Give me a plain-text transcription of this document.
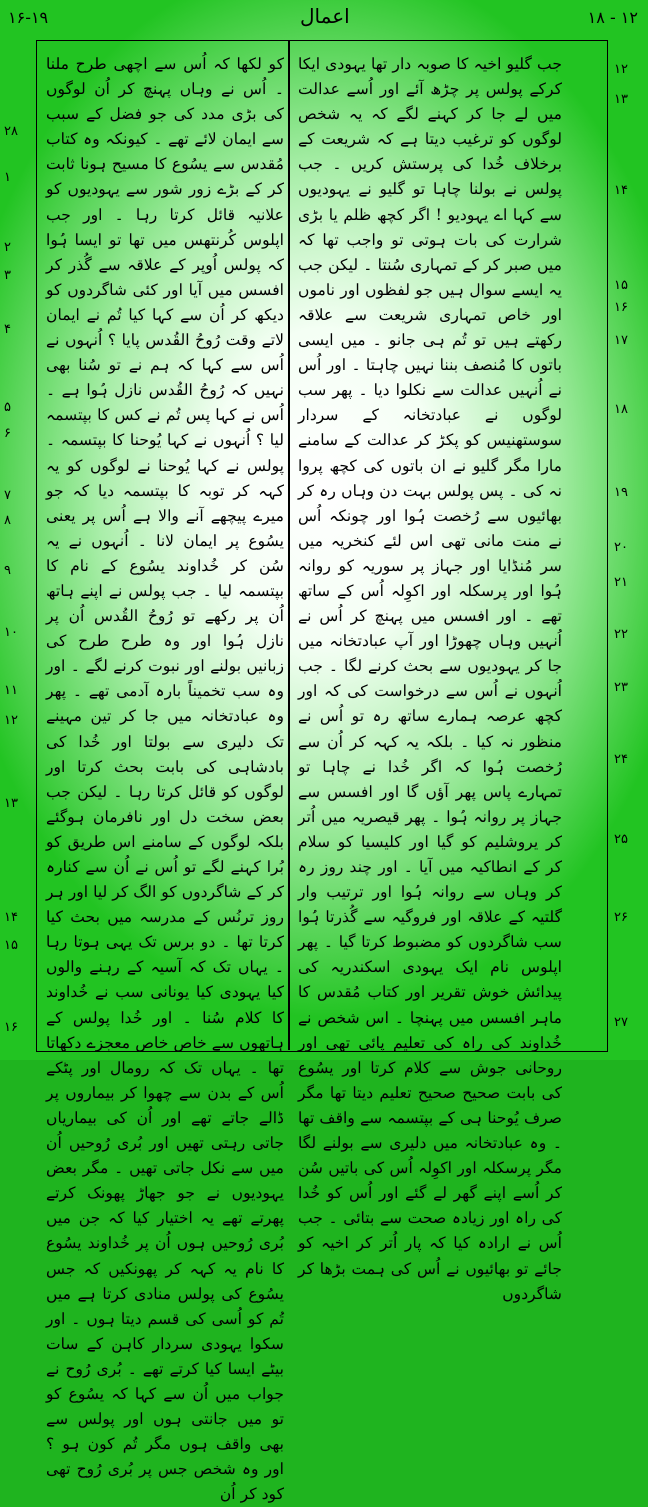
۱۶-۱۹	اعمال	۱۸ - ۱۲
جب گلیو اخیہ کا صوبہ دار تھا یہودی ایکا کرکے پولس پر چڑھ آئے اور اُسے عدالت میں لے جا کر کہنے لگے کہ یہ شخص لوگوں کو ترغیب دیتا ہے کہ شریعت کے برخلاف خُدا کی پرستش کریں ۔ جب پولس نے بولنا چاہا تو گلیو نے یہودیوں سے کہا اے یہودیو ! اگر کچھ ظلم یا بڑی شرارت کی بات ہوتی تو واجب تھا کہ میں صبر کر کے تمہاری سُنتا ۔ لیکن جب یہ ایسے سوال ہیں جو لفظوں اور ناموں اور خاص تمہاری شریعت سے علاقہ رکھتے ہیں تو تُم ہی جانو ۔ میں ایسی باتوں کا مُنصف بننا نہیں چاہتا ۔ اور اُس نے اُنہیں عدالت سے نکلوا دیا ۔ پھر سب لوگوں نے عبادتخانہ کے سردار سوستھنیس کو پکڑ کر عدالت کے سامنے مارا مگر گلیو نے ان باتوں کی کچھ پروا نہ کی ۔ پس پولس بہت دن وہاں رہ کر بھائیوں سے رُخصت ہُوا اور چونکہ اُس نے منت مانی تھی اس لئے کنخریہ میں سر مُنڈایا اور جہاز پر سوریہ کو روانہ ہُوا اور پرسکلہ اور اکوِلہ اُس کے ساتھ تھے ۔ اور افسس میں پہنچ کر اُس نے اُنہیں وہاں چھوڑا اور آپ عبادتخانہ میں جا کر یہودیوں سے بحث کرنے لگا ۔ جب اُنہوں نے اُس سے درخواست کی کہ اور کچھ عرصہ ہمارے ساتھ رہ تو اُس نے منظور نہ کیا ۔ بلکہ یہ کہہ کر اُن سے رُخصت ہُوا کہ اگر خُدا نے چاہا تو تمہارے پاس پھر آؤں گا اور افسس سے جہاز پر روانہ ہُوا ۔ پھر قیصریہ میں اُتر کر یروشلیم کو گیا اور کلیسیا کو سلام کر کے انطاکیہ میں آیا ۔ اور چند روز رہ کر وہاں سے روانہ ہُوا اور ترتیب وار گلتیہ کے علاقہ اور فروگیہ سے گُذرتا ہُوا سب شاگردوں کو مضبوط کرتا گیا ۔ پھر اپلوس نام ایک یہودی اسکندریہ کی پیدائش خوش تقریر اور کتاب مُقدس کا ماہر افسس میں پہنچا ۔ اس شخص نے خُداوند کی راہ کی تعلیم پائی تھی اور روحانی جوش سے کلام کرتا اور یسُوع کی بابت صحیح صحیح تعلیم دیتا تھا مگر صرف یُوحنا ہی کے بپتسمہ سے واقف تھا ۔ وہ عبادتخانہ میں دلیری سے بولنے لگا مگر پرسکلہ اور اکوِلہ اُس کی باتیں سُن کر اُسے اپنے گھر لے گئے اور اُس کو خُدا کی راہ اور زیادہ صحت سے بتائی ۔ جب اُس نے ارادہ کیا کہ پار اُتر کر اخیہ کو جائے تو بھائیوں نے اُس کی ہمت بڑھا کر شاگردوں
کو لکھا کہ اُس سے اچھی طرح ملنا ۔ اُس نے وہاں پہنچ کر اُن لوگوں کی بڑی مدد کی جو فضل کے سبب سے ایمان لائے تھے ۔ کیونکہ وہ کتاب مُقدس سے یسُوع کا مسیح ہونا ثابت کر کے بڑے زور شور سے یہودیوں کو علانیہ قائل کرتا رہا ۔ اور جب اپلوس کُرنتھس میں تھا تو ایسا ہُوا کہ پولس اُوپر کے علاقہ سے گُذر کر افسس میں آیا اور کئی شاگردوں کو دیکھ کر اُن سے کہا کیا تُم نے ایمان لاتے وقت رُوحُ القُدس پایا ؟ اُنہوں نے اُس سے کہا کہ ہم نے تو سُنا بھی نہیں کہ رُوحُ القُدس نازل ہُوا ہے ۔ اُس نے کہا پس تُم نے کس کا بپتسمہ لیا ؟ اُنہوں نے کہا یُوحنا کا بپتسمہ ۔ پولس نے کہا یُوحنا نے لوگوں کو یہ کہہ کر توبہ کا بپتسمہ دیا کہ جو میرے پیچھے آنے والا ہے اُس پر یعنی یسُوع پر ایمان لانا ۔ اُنہوں نے یہ سُن کر خُداوند یسُوع کے نام کا بپتسمہ لیا ۔ جب پولس نے اپنے ہاتھ اُن پر رکھے تو رُوحُ القُدس اُن پر نازل ہُوا اور وہ طرح طرح کی زبانیں بولنے اور نبوت کرنے لگے ۔ اور وہ سب تخمیناً بارہ آدمی تھے ۔ پھر وہ عبادتخانہ میں جا کر تین مہینے تک دلیری سے بولتا اور خُدا کی بادشاہی کی بابت بحث کرتا اور لوگوں کو قائل کرتا رہا ۔ لیکن جب بعض سخت دل اور نافرمان ہوگئے بلکہ لوگوں کے سامنے اس طریق کو بُرا کہنے لگے تو اُس نے اُن سے کنارہ کر کے شاگردوں کو الگ کر لیا اور ہر روز ترنُس کے مدرسہ میں بحث کیا کرتا تھا ۔ دو برس تک یہی ہوتا رہا ۔ یہاں تک کہ آسیہ کے رہنے والوں کیا یہودی کیا یونانی سب نے خُداوند کا کلام سُنا ۔ اور خُدا پولس کے ہاتھوں سے خاص خاص معجزے دکھاتا تھا ۔ یہاں تک کہ رومال اور پٹکے اُس کے بدن سے چھوا کر بیماروں پر ڈالے جاتے تھے اور اُن کی بیماریاں جاتی رہتی تھیں اور بُری رُوحیں اُن میں سے نکل جاتی تھیں ۔ مگر بعض یہودیوں نے جو جھاڑ پھونک کرتے پھرتے تھے یہ اختیار کیا کہ جن میں بُری رُوحیں ہوں اُن پر خُداوند یسُوع کا نام یہ کہہ کر پھونکیں کہ جس یسُوع کی پولس منادی کرتا ہے میں تُم کو اُسی کی قسم دیتا ہوں ۔ اور سکوا یہودی سردار کاہن کے سات بیٹے ایسا کیا کرتے تھے ۔ بُری رُوح نے جواب میں اُن سے کہا کہ یسُوع کو تو میں جانتی ہوں اور پولس سے بھی واقف ہوں مگر تُم کون ہو ؟ اور وہ شخص جس پر بُری رُوح تھی کود کر اُن
۱۲
۱۳
۱۴
۱۵
۱۶
۱۷
۱۸
۱۹
۲۰
۲۱
۲۲
۲۳
۲۴
۲۵
۲۶
۲۷
۲۸
۱
۲
۳
۴
۵
۶
۷
۸
۹
۱۰
۱۱
۱۲
۱۳
۱۴
۱۵
۱۶
